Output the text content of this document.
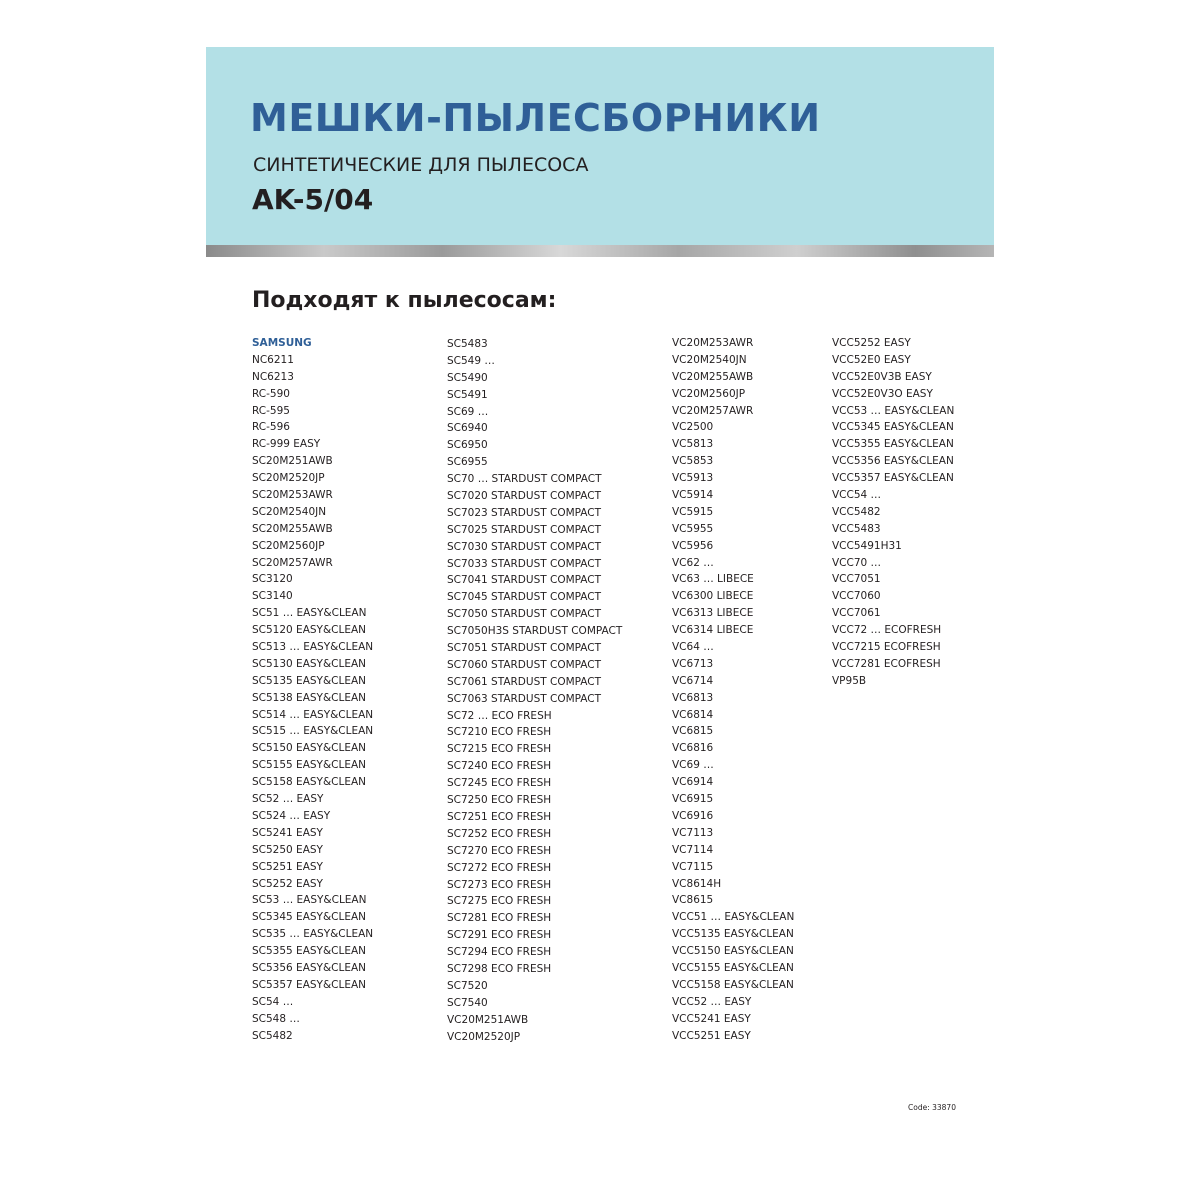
МЕШКИ-ПЫЛЕСБОРНИКИ
СИНТЕТИЧЕСКИЕ ДЛЯ ПЫЛЕСОСА
AK-5/04
Подходят к пылесосам:
SAMSUNG
NC6211
NC6213
RC-590
RC-595
RC-596
RC-999 EASY
SC20M251AWB
SC20M2520JP
SC20M253AWR
SC20M2540JN
SC20M255AWB
SC20M2560JP
SC20M257AWR
SC3120
SC3140
SC51 … EASY&CLEAN
SC5120 EASY&CLEAN
SC513 … EASY&CLEAN
SC5130 EASY&CLEAN
SC5135 EASY&CLEAN
SC5138 EASY&CLEAN
SC514 … EASY&CLEAN
SC515 … EASY&CLEAN
SC5150 EASY&CLEAN
SC5155 EASY&CLEAN
SC5158 EASY&CLEAN
SC52 … EASY
SC524 … EASY
SC5241 EASY
SC5250 EASY
SC5251 EASY
SC5252 EASY
SC53 … EASY&CLEAN
SC5345 EASY&CLEAN
SC535 … EASY&CLEAN
SC5355 EASY&CLEAN
SC5356 EASY&CLEAN
SC5357 EASY&CLEAN
SC54 …
SC548 …
SC5482
SC5483
SC549 …
SC5490
SC5491
SC69 …
SC6940
SC6950
SC6955
SC70 … STARDUST COMPACT
SC7020 STARDUST COMPACT
SC7023 STARDUST COMPACT
SC7025 STARDUST COMPACT
SC7030 STARDUST COMPACT
SC7033 STARDUST COMPACT
SC7041 STARDUST COMPACT
SC7045 STARDUST COMPACT
SC7050 STARDUST COMPACT
SC7050H3S STARDUST COMPACT
SC7051 STARDUST COMPACT
SC7060 STARDUST COMPACT
SC7061 STARDUST COMPACT
SC7063 STARDUST COMPACT
SC72 … ECO FRESH
SC7210 ECO FRESH
SC7215 ECO FRESH
SC7240 ECO FRESH
SC7245 ECO FRESH
SC7250 ECO FRESH
SC7251 ECO FRESH
SC7252 ECO FRESH
SC7270 ECO FRESH
SC7272 ECO FRESH
SC7273 ECO FRESH
SC7275 ECO FRESH
SC7281 ECO FRESH
SC7291 ECO FRESH
SC7294 ECO FRESH
SC7298 ECO FRESH
SC7520
SC7540
VC20M251AWB
VC20M2520JP
VC20M253AWR
VC20M2540JN
VC20M255AWB
VC20M2560JP
VC20M257AWR
VC2500
VC5813
VC5853
VC5913
VC5914
VC5915
VC5955
VC5956
VC62 …
VC63 … LIBECE
VC6300 LIBECE
VC6313 LIBECE
VC6314 LIBECE
VC64 …
VC6713
VC6714
VC6813
VC6814
VC6815
VC6816
VC69 …
VC6914
VC6915
VC6916
VC7113
VC7114
VC7115
VC8614H
VC8615
VCC51 … EASY&CLEAN
VCC5135 EASY&CLEAN
VCC5150 EASY&CLEAN
VCC5155 EASY&CLEAN
VCC5158 EASY&CLEAN
VCC52 … EASY
VCC5241 EASY
VCC5251 EASY
VCC5252 EASY
VCC52E0 EASY
VCC52E0V3B EASY
VCC52E0V3O EASY
VCC53 … EASY&CLEAN
VCC5345 EASY&CLEAN
VCC5355 EASY&CLEAN
VCC5356 EASY&CLEAN
VCC5357 EASY&CLEAN
VCC54 …
VCC5482
VCC5483
VCC5491H31
VCC70 …
VCC7051
VCC7060
VCC7061
VCC72 … ECOFRESH
VCC7215 ECOFRESH
VCC7281 ECOFRESH
VP95B
Code: 33870
